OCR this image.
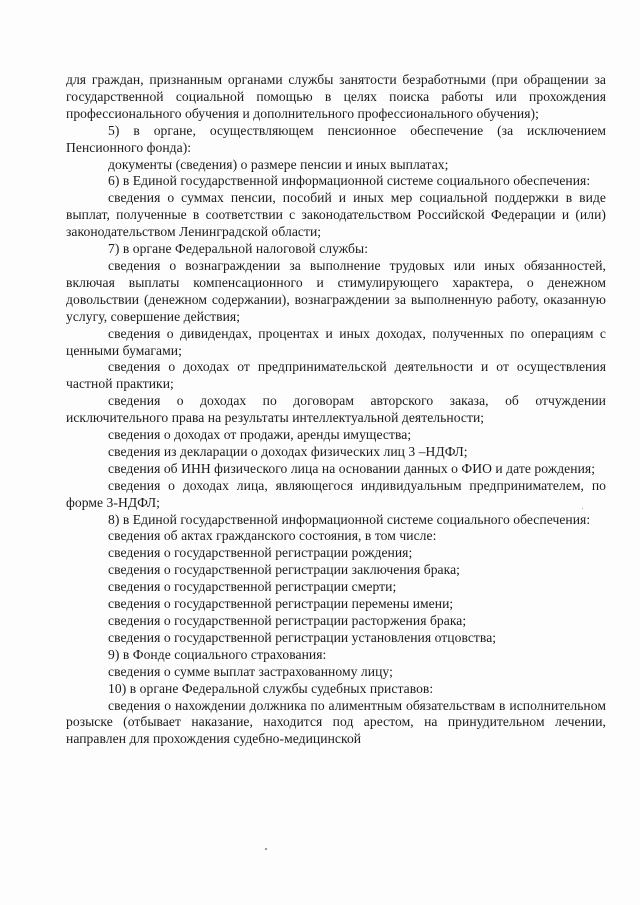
для граждан, признанным органами службы занятости безработными (при обращении за государственной социальной помощью в целях поиска работы или прохождения профессионального обучения и дополнительного профессионального обучения);

5) в органе, осуществляющем пенсионное обеспечение (за исключением Пенсионного фонда):

документы (сведения) о размере пенсии и иных выплатах;

6) в Единой государственной информационной системе социального обеспечения:

сведения о суммах пенсии, пособий и иных мер социальной поддержки в виде выплат, полученные в соответствии с законодательством Российской Федерации и (или) законодательством Ленинградской области;

7) в органе Федеральной налоговой службы:

сведения о вознаграждении за выполнение трудовых или иных обязанностей, включая выплаты компенсационного и стимулирующего характера, о денежном довольствии (денежном содержании), вознаграждении за выполненную работу, оказанную услугу, совершение действия;

сведения о дивидендах, процентах и иных доходах, полученных по операциям с ценными бумагами;

сведения о доходах от предпринимательской деятельности и от осуществления частной практики;

сведения о доходах по договорам авторского заказа, об отчуждении исключительного права на результаты интеллектуальной деятельности;

сведения о доходах от продажи, аренды имущества;

сведения из декларации о доходах физических лиц 3 –НДФЛ;

сведения об ИНН физического лица на основании данных о ФИО и дате рождения;

сведения о доходах лица, являющегося индивидуальным предпринимателем, по форме 3-НДФЛ;

8) в Единой государственной информационной системе социального обеспечения:

сведения об актах гражданского состояния, в том числе:

сведения о государственной регистрации рождения;

сведения о государственной регистрации заключения брака;

сведения о государственной регистрации смерти;

сведения о государственной регистрации перемены имени;

сведения о государственной регистрации расторжения брака;

сведения о государственной регистрации установления отцовства;

9) в Фонде социального страхования:

сведения о сумме выплат застрахованному лицу;

10) в органе Федеральной службы судебных приставов:

сведения о нахождении должника по алиментным обязательствам в исполнительном розыске (отбывает наказание, находится под арестом, на принудительном лечении, направлен для прохождения судебно-медицинской
